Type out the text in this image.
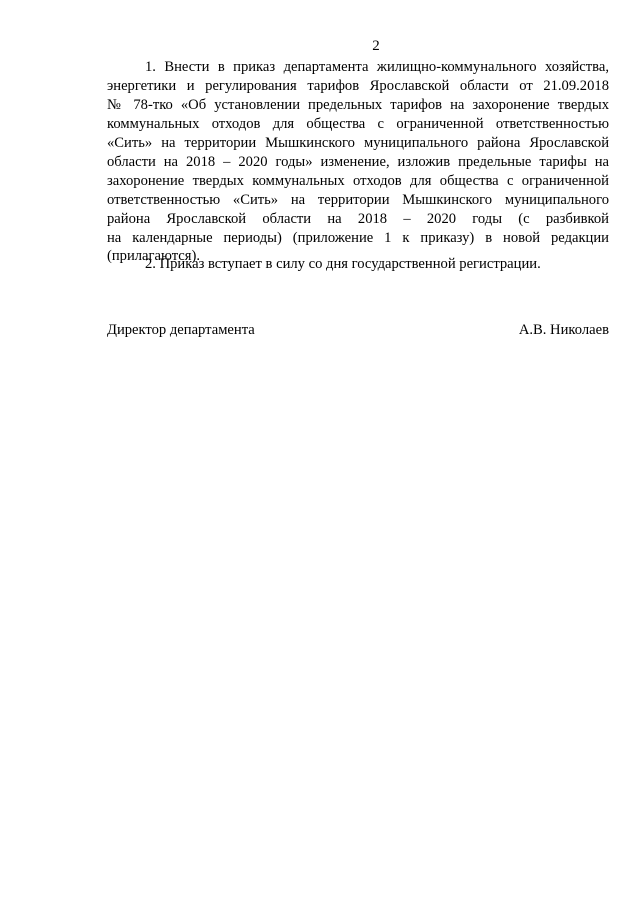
2
1. Внести в приказ департамента жилищно-коммунального хозяйства,
энергетики и регулирования тарифов Ярославской области от 21.09.2018
№ 78-тко «Об установлении предельных тарифов на захоронение твердых
коммунальных отходов для общества с ограниченной ответственностью
«Сить» на территории Мышкинского муниципального района Ярославской
области на 2018 – 2020 годы» изменение, изложив предельные тарифы на
захоронение твердых коммунальных отходов для общества с ограниченной
ответственностью «Сить» на территории Мышкинского муниципального
района Ярославской области на 2018 – 2020 годы (с разбивкой
на календарные периоды) (приложение 1 к приказу) в новой редакции
(прилагаются).
2. Приказ вступает в силу со дня государственной регистрации.
Директор департамента	А.В. Николаев
